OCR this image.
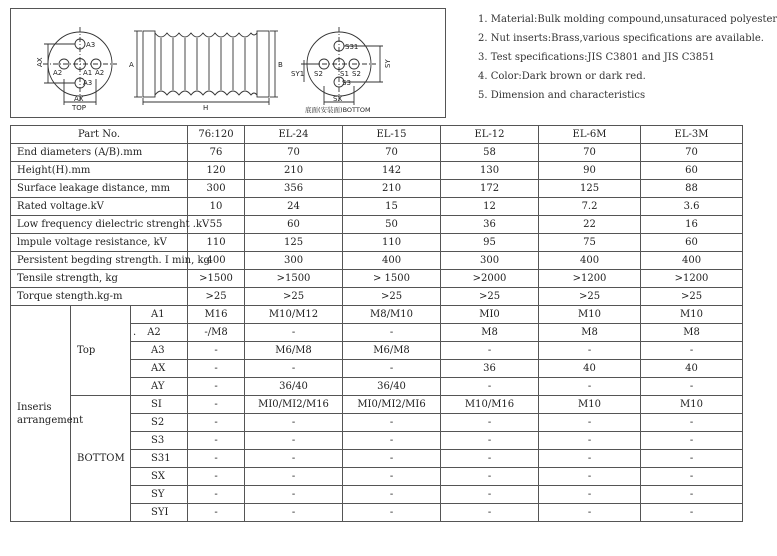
A3
A2	A1 A2
A3
AX
AX
TOP
A	B
H
S31
SY1 S2 S1 S2
S3
SY
SX
底面(安装面)BOTTOM
1. Material:Bulk molding compound,unsaturaced polyester
2. Nut inserts:Brass,various specifications are available.
3. Test specifications:JIS C3801 and JIS C3851
4. Color:Dark brown or dark red.
5. Dimension and characteristics
Part No.			76:120	EL-24	EL-15	EL-12	EL-6M	EL-3M
End diameters (A/B).mm			76	70	70	58	70	70
Height(H).mm			120	210	142	130	90	60
Surface leakage distance, mm			300	356	210	172	125	88
Rated voltage.kV			10	24	15	12	7.2	3.6
Low frequency dielectric strenght .kV			55	60	50	36	22	16
lmpule voltage resistance, kV			110	125	110	95	75	60
Persistent begding strength. I min, kg			400	300	400	300	400	400
Tensile strength, kg			>1500	>1500	> 1500	>2000	>1200	>1200
Torque stength.kg-m			>25	>25	>25	>25	>25	>25
Inseris arrangement	Top	A1	M16	M10/M12	M8/M10	MI0	M10	M10
		. A2	-/M8	-	-	M8	M8	M8
		A3	-	M6/M8	M6/M8	-	-	-
		AX	-	-	-	36	40	40
		AY	-	36/40	36/40	-	-	-
	BOTTOM	SI	-	MI0/MI2/M16	MI0/MI2/MI6	M10/M16	M10	M10
		S2	-	-	-	-	-	-
		S3	-	-	-	-	-	-
		S31	-	-	-	-	-	-
		SX	-	-	-	-	-	-
		SY	-	-	-	-	-	-
		SYI	-	-	-	-	-	-
